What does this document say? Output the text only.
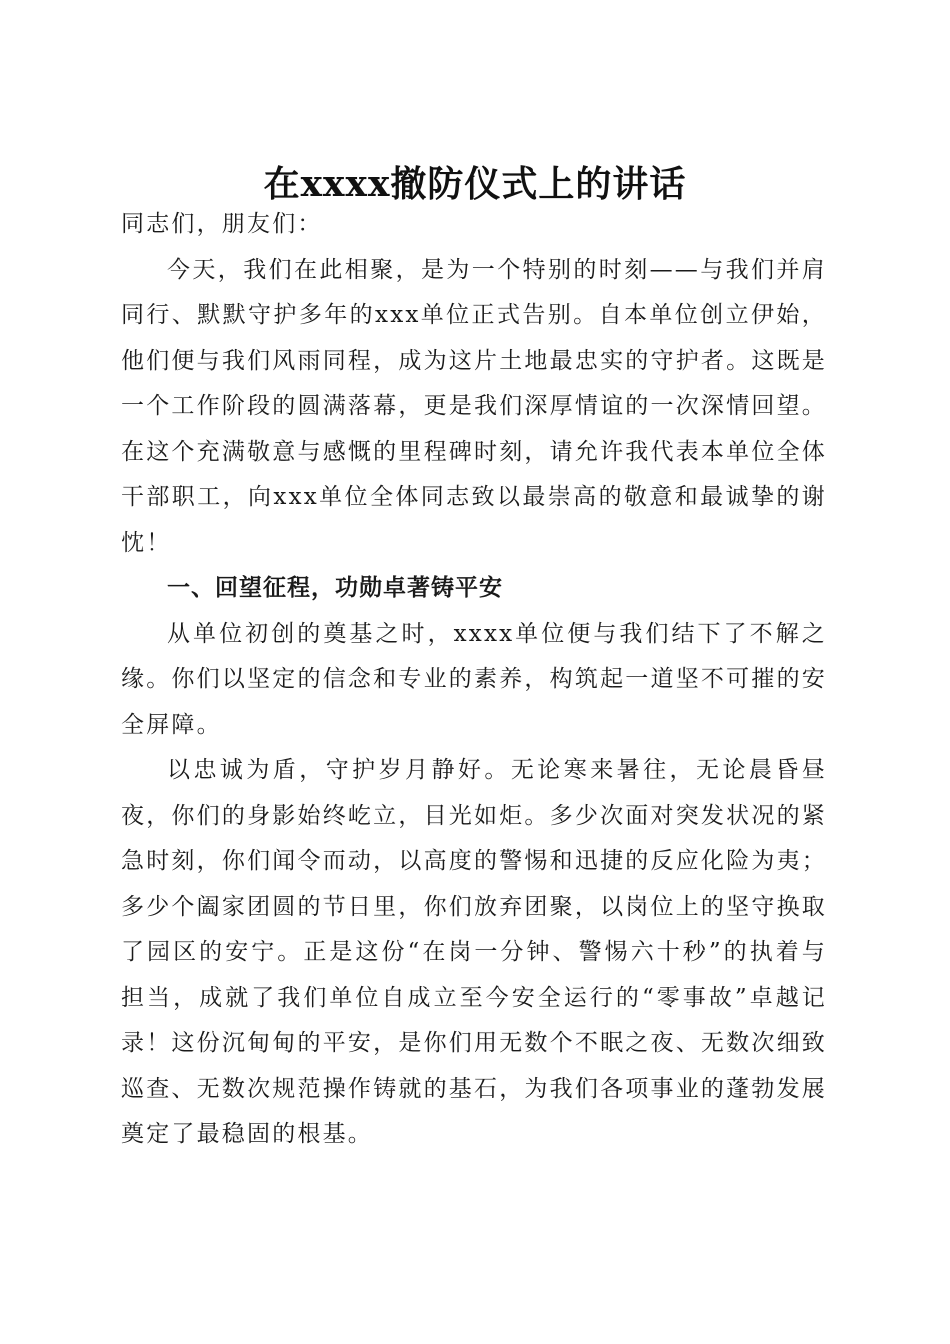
在xxxx撤防仪式上的讲话

同志们，朋友们：

今天，我们在此相聚，是为一个特别的时刻——与我们并肩同行、默默守护多年的xxx单位正式告别。自本单位创立伊始，他们便与我们风雨同程，成为这片土地最忠实的守护者。这既是一个工作阶段的圆满落幕，更是我们深厚情谊的一次深情回望。在这个充满敬意与感慨的里程碑时刻，请允许我代表本单位全体干部职工，向xxx单位全体同志致以最崇高的敬意和最诚挚的谢忱！

一、回望征程，功勋卓著铸平安

从单位初创的奠基之时，xxxx单位便与我们结下了不解之缘。你们以坚定的信念和专业的素养，构筑起一道坚不可摧的安全屏障。

以忠诚为盾，守护岁月静好。无论寒来暑往，无论晨昏昼夜，你们的身影始终屹立，目光如炬。多少次面对突发状况的紧急时刻，你们闻令而动，以高度的警惕和迅捷的反应化险为夷；多少个阖家团圆的节日里，你们放弃团聚，以岗位上的坚守换取了园区的安宁。正是这份“在岗一分钟、警惕六十秒”的执着与担当，成就了我们单位自成立至今安全运行的“零事故”卓越记录！这份沉甸甸的平安，是你们用无数个不眠之夜、无数次细致巡查、无数次规范操作铸就的基石，为我们各项事业的蓬勃发展奠定了最稳固的根基。
